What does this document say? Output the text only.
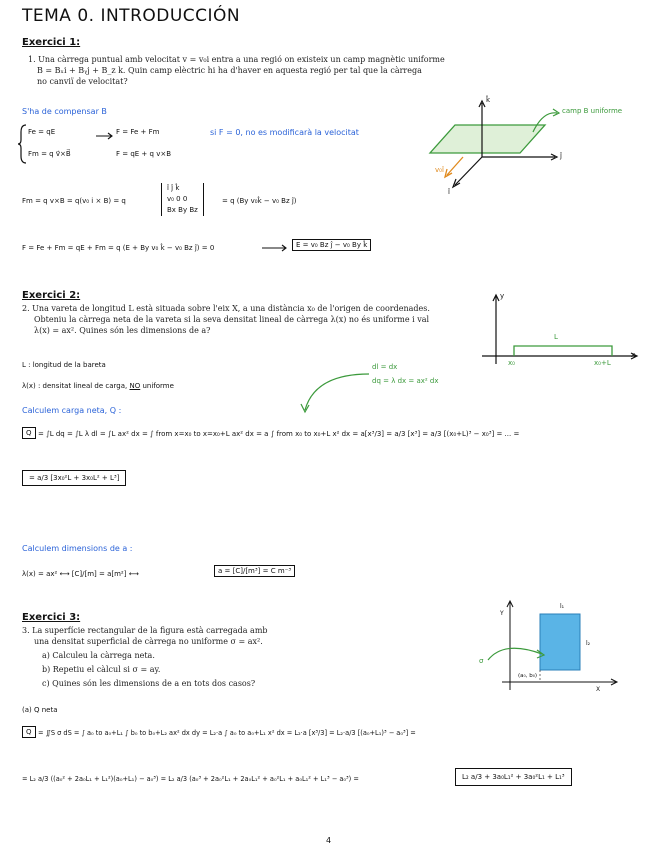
TEMA 0. INTRODUCCIÓN
Exercici 1:
1. Una càrrega puntual amb velocitat v = v₀i entra a una regió on existeix un camp magnètic uniforme
B = Bₓi + Bᵧj + B_z k. Quin camp elèctric hi ha d'haver en aquesta regió per tal que la càrrega
no canviï de velocitat?
S'ha de compensar B
Fe = qE
Fm = q v⃗×B⃗
F = Fe + Fm
F = qE + q v×B
si F = 0, no es modificarà la velocitat
Fm = q v×B = q(v₀ i × B) = q
î ĵ k̂
v₀ 0 0
Bx By Bz
= q (By v₀k̂ − v₀ Bz ĵ)
F = Fe + Fm = qE + Fm = q (E + By v₀ k̂ − v₀ Bz ĵ) = 0	E = v₀ Bz ĵ − v₀ By k̂
k̂
ĵ
î
v₀î
camp B uniforme
Exercici 2:
2. Una vareta de longitud L està situada sobre l'eix X, a una distància x₀ de l'origen de coordenades.
Obteniu la càrrega neta de la vareta si la seva densitat lineal de càrrega λ(x) no és uniforme i val
λ(x) = ax². Quines són les dimensions de a?
L : longitud de la bareta
λ(x) : densitat lineal de carga, NO uniforme
dl = dx
dq = λ dx = ax² dx
Calculem carga neta, Q :
Q = ∫L dq = ∫L λ dl = ∫L ax² dx = ∫ from x=x₀ to x=x₀+L ax² dx = a ∫ from x₀ to x₀+L x² dx = a[x³/3] = a/3 [x³] = a/3 [(x₀+L)³ − x₀³] = ... =
= a/3 [3x₀²L + 3x₀L² + L³]
Calculem dimensions de a :
λ(x) = ax² ⟷ [C]/[m] = a[m²] ⟷	a = [C]/[m³] = C m⁻³
y
x
L
x₀	x₀+L
Exercici 3:
3. La superfície rectangular de la figura està carregada amb
una densitat superficial de càrrega no uniforme σ = ax².
a) Calculeu la càrrega neta.
b) Repetiu el càlcul si σ = ay.
c) Quines són les dimensions de a en tots dos casos?
(a) Q neta
Q = ∬S σ dS = ∫ a₀ to a₀+L₁ ∫ b₀ to b₀+L₂ ax² dx dy = L₂·a ∫ a₀ to a₀+L₁ x² dx = L₂·a [x³/3] = L₂·a/3 [(a₀+L₁)³ − a₀³] =
= L₂ a/3 ((a₀² + 2a₀L₁ + L₁²)(a₀+L₁) − a₀³) = L₂ a/3 (a₀³ + 2a₀²L₁ + 2a₀L₁² + a₀²L₁ + a₀L₁² + L₁³ − a₀³) =	L₂ a/3 + 3a₀L₁² + 3a₀²L₁ + L₁³
Y
X
l₁
l₂
(a₀, b₀)
σ
4
